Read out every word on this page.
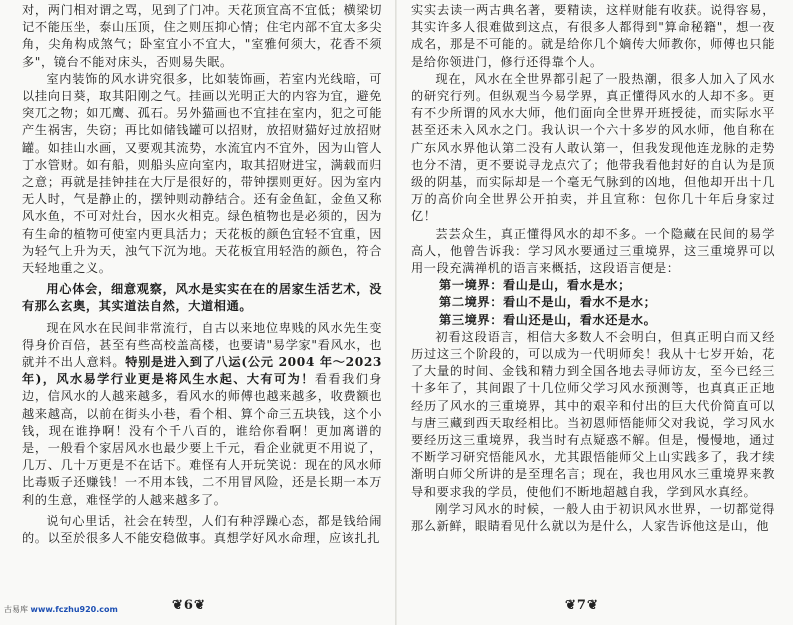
对，两门相对谓之骂，见到了门冲。天花顶宜高不宜低；横梁切记不能压坐，泰山压顶，住之则压抑心情；住宅内部不宜太多尖角，尖角构成煞气；卧室宜小不宜大，"室雅何须大，花香不须多"，镜台不能对床头，否则易失眠。

室内装饰的风水讲究很多，比如装饰画，若室内光线暗，可以挂向日葵，取其阳刚之气。挂画以光明正大的内容为宜，避免突兀之物；如兀鹰、孤石。另外猫画也不宜挂在室内，犯之可能产生祸害，失窃；再比如储钱罐可以招财，放招财猫好过放招财罐。如挂山水画，又要观其流势，水流宜内不宜外，因为山管人丁水管财。如有船，则船头应向室内，取其招财进宝，满载而归之意；再就是挂钟挂在大厅是很好的，带钟摆则更好。因为室内无人时，气是静止的，摆钟则动静结合。还有金鱼缸，金鱼又称风水鱼，不可对灶台，因水火相克。绿色植物也是必须的，因为有生命的植物可使室内更具活力；天花板的颜色宜轻不宜重，因为轻气上升为天，浊气下沉为地。天花板宜用轻浩的颜色，符合天轻地重之义。

用心体会，细意观察，风水是实实在在的居家生活艺术，没有那么玄奥，其实道法自然，大道相通。

现在风水在民间非常流行，自古以来地位卑贱的风水先生变得身价百倍，甚至有些高校盖高楼，也要请"易学家"看风水，也就并不出人意料。特别是进入到了八运(公元 2004 年～2023 年)，风水易学行业更是将风生水起、大有可为！看看我们身边，信风水的人越来越多，看风水的师傅也越来越多，收费额也越来越高，以前在街头小巷，看个相、算个命三五块钱，这个小钱，现在谁挣啊！没有个千八百的，谁给你看啊！更加离谱的是，一般看个家居风水也最少要上千元，看企业就更不用说了，几万、几十万更是不在话下。难怪有人开玩笑说：现在的风水师比毒贩子还赚钱！一不用本钱，二不用冒风险，还是长期一本万利的生意，难怪学的人越来越多了。

说句心里话，社会在转型，人们有种浮躁心态，都是钱给闹的。以至於很多人不能安稳做事。真想学好风水命理，应该扎扎

古易库 www.fczhu920.com	❦6❦

实实去读一两古典名著，要精读，这样财能有收获。说得容易，其实许多人很难做到这点，有很多人都得到"算命秘籍"，想一夜成名，那是不可能的。就是给你几个嫡传大师教你，师傅也只能是给你领进门，修行还得靠个人。

现在，风水在全世界都引起了一股热潮，很多人加入了风水的研究行列。但纵观当今易学界，真正懂得风水的人却不多。更有不少所谓的风水大师，他们面向全世界开班授徒，而实际水平甚至还未入风水之门。我认识一个六十多岁的风水师，他自称在广东风水界他认第二没有人敢认第一，但我发现他连龙脉的走势也分不清，更不要说寻龙点穴了；他带我看他封好的自认为是顶级的阴基，而实际却是一个毫无气脉到的凶地，但他却开出十几万的高价向全世界公开拍卖，并且宣称：包你几十年后身家过亿！

芸芸众生，真正懂得风水的却不多。一个隐藏在民间的易学高人，他曾告诉我：学习风水要通过三重境界，这三重境界可以用一段充满禅机的语言来概括，这段语言便是：

第一境界：看山是山，看水是水；

第二境界：看山不是山，看水不是水；

第三境界：看山还是山，看水还是水。

初看这段语言，相信大多数人不会明白，但真正明白而又经历过这三个阶段的，可以成为一代明师矣！我从十七岁开始，花了大量的时间、金钱和精力到全国各地去寻师访友，至今已经三十多年了，其间跟了十几位师父学习风水预测等，也真真正正地经历了风水的三重境界，其中的艰辛和付出的巨大代价简直可以与唐三藏到西天取经相比。当初恩师悟能师父对我说，学习风水要经历这三重境界，我当时有点疑惑不解。但是，慢慢地，通过不断学习研究悟能风水，尤其跟悟能师父上山实践多了，我才续渐明白师父所讲的是至理名言；现在，我也用风水三重境界来教导和要求我的学员，使他们不断地超越自我，学到风水真经。

刚学习风水的时候，一般人由于初识风水世界，一切都觉得那么新鲜，眼睛看见什么就以为是什么，人家告诉他这是山，他

❦7❦
